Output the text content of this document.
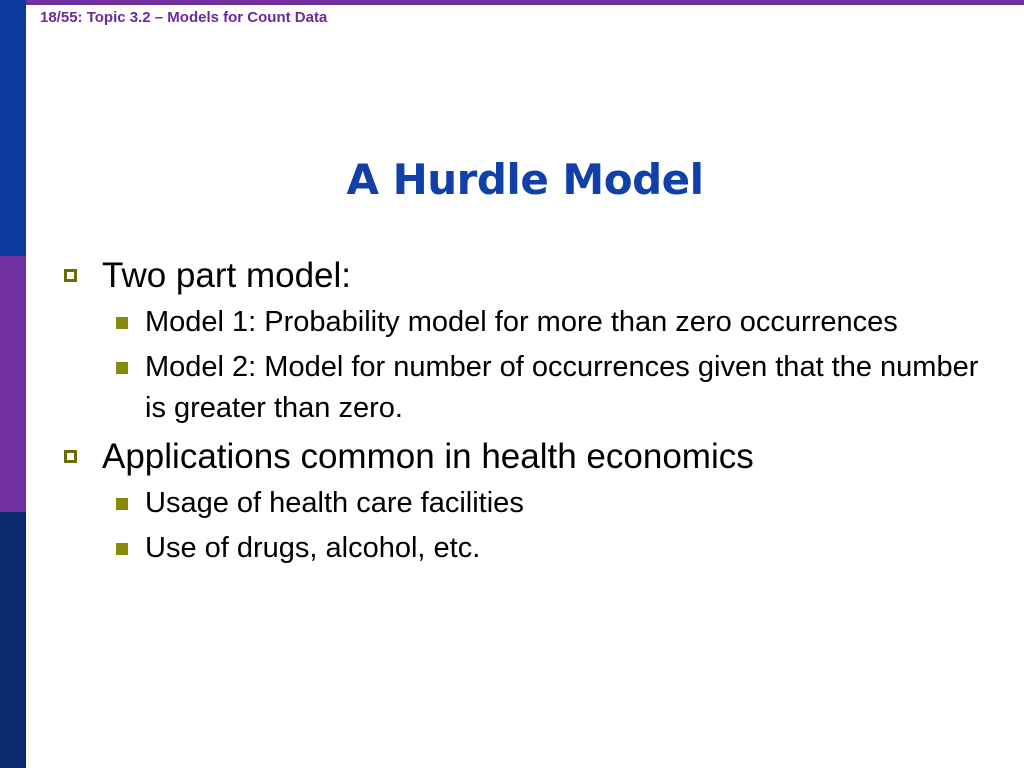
18/55: Topic 3.2 – Models for Count Data
A Hurdle Model
Two part model:
Model 1: Probability model for more than zero occurrences
Model 2: Model for number of occurrences given that the number is greater than zero.
Applications common in health economics
Usage of health care facilities
Use of drugs, alcohol, etc.
